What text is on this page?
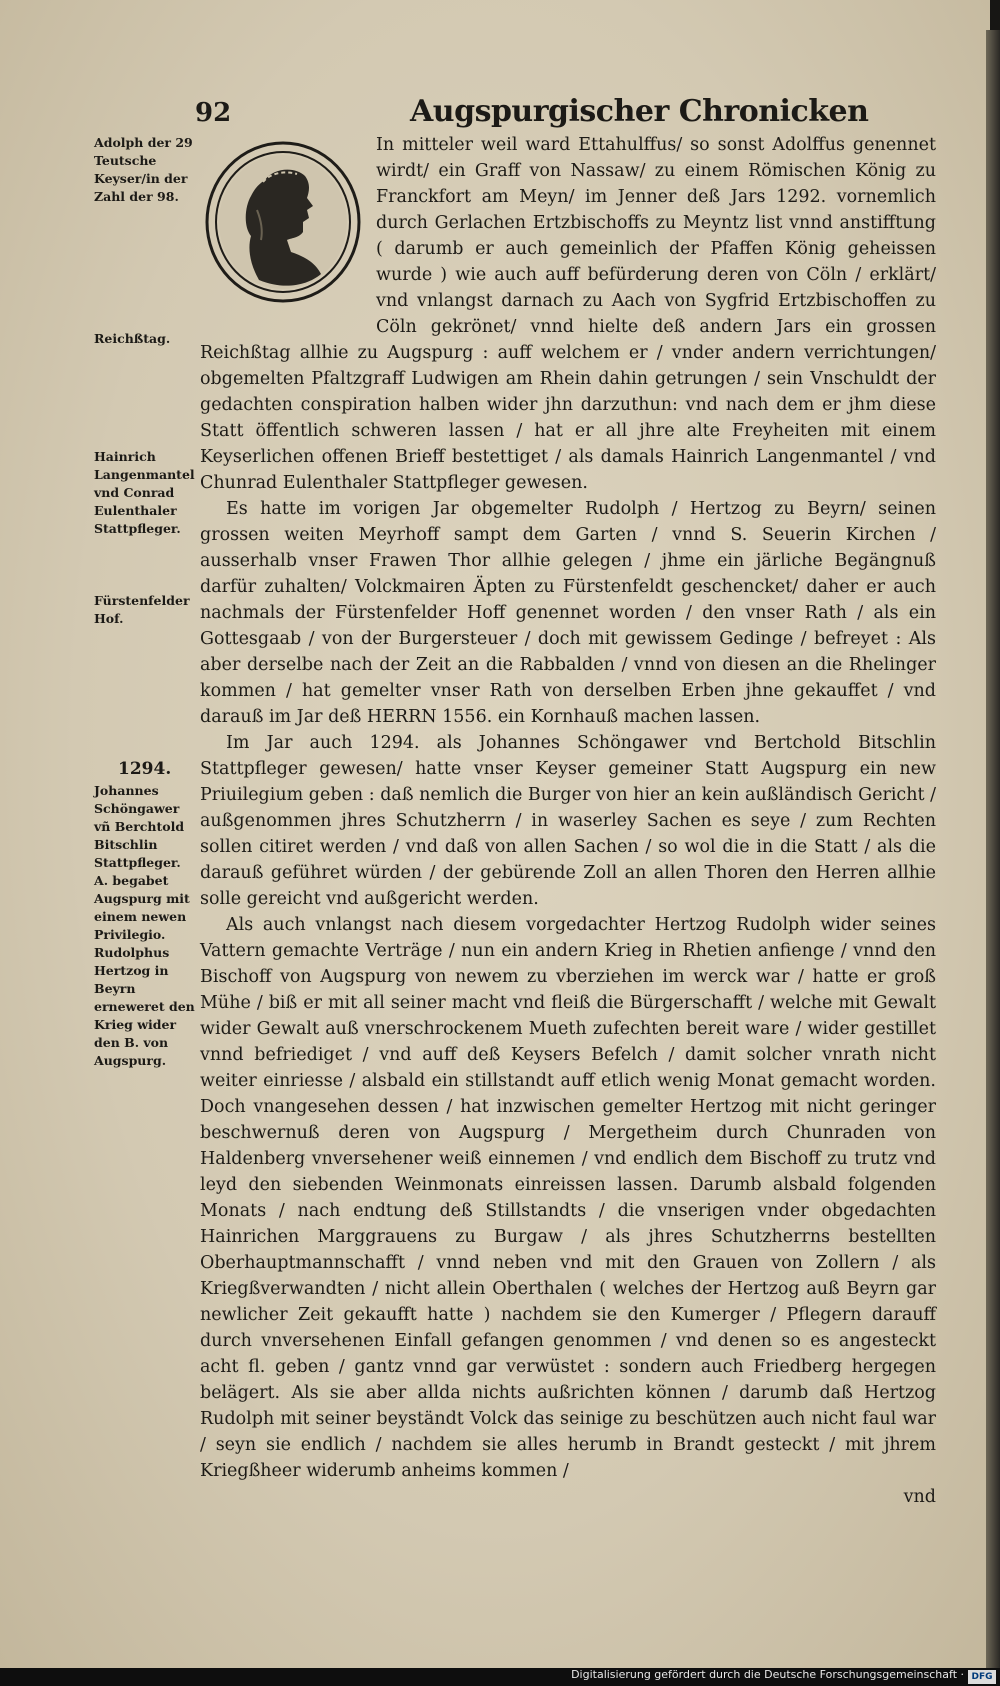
92	Augspurgischer Chronicken
Adolph der 29 Teutsche Keyser/in der Zahl der 98.
Reichßtag.
Hainrich Langenmantel vnd Conrad Eulenthaler Stattpfleger.
Fürstenfelder Hof.
1294.
Johannes Schöngawer vñ Berchtold Bitschlin Stattpfleger. A. begabet Augspurg mit einem newen Privilegio. Rudolphus Hertzog in Beyrn erneweret den Krieg wider den B. von Augspurg.

In mitteler weil ward Ettahulffus/ so sonst Adolffus genennet wirdt/ ein Graff von Nassaw/ zu einem Römischen König zu Franckfort am Meyn/ im Jenner deß Jars 1292. vornemlich durch Gerlachen Ertzbischoffs zu Meyntz list vnnd anstifftung ( darumb er auch gemeinlich der Pfaffen König geheissen wurde ) wie auch auff befürderung deren von Cöln / erklärt/ vnd vnlangst darnach zu Aach von Sygfrid Ertzbischoffen zu Cöln gekrönet/ vnnd hielte deß andern Jars ein grossen Reichßtag allhie zu Augspurg : auff welchem er / vnder andern verrichtungen/ obgemelten Pfaltzgraff Ludwigen am Rhein dahin getrungen / sein Vnschuldt der gedachten conspiration halben wider jhn darzuthun: vnd nach dem er jhm diese Statt öffentlich schweren lassen / hat er all jhre alte Freyheiten mit einem Keyserlichen offenen Brieff bestettiget / als damals Hainrich Langenmantel / vnd Chunrad Eulenthaler Stattpfleger gewesen.

Es hatte im vorigen Jar obgemelter Rudolph / Hertzog zu Beyrn/ seinen grossen weiten Meyrhoff sampt dem Garten / vnnd S. Seuerin Kirchen / ausserhalb vnser Frawen Thor allhie gelegen / jhme ein järliche Begängnuß darfür zuhalten/ Volckmairen Äpten zu Fürstenfeldt geschencket/ daher er auch nachmals der Fürstenfelder Hoff genennet worden / den vnser Rath / als ein Gottesgaab / von der Burgersteuer / doch mit gewissem Gedinge / befreyet : Als aber derselbe nach der Zeit an die Rabbalden / vnnd von diesen an die Rhelinger kommen / hat gemelter vnser Rath von derselben Erben jhne gekauffet / vnd darauß im Jar deß HERRN 1556. ein Kornhauß machen lassen.

Im Jar auch 1294. als Johannes Schöngawer vnd Bertchold Bitschlin Stattpfleger gewesen/ hatte vnser Keyser gemeiner Statt Augspurg ein new Priuilegium geben : daß nemlich die Burger von hier an kein außländisch Gericht / außgenommen jhres Schutzherrn / in waserley Sachen es seye / zum Rechten sollen citiret werden / vnd daß von allen Sachen / so wol die in die Statt / als die darauß geführet würden / der gebürende Zoll an allen Thoren den Herren allhie solle gereicht vnd außgericht werden.

Als auch vnlangst nach diesem vorgedachter Hertzog Rudolph wider seines Vattern gemachte Verträge / nun ein andern Krieg in Rhetien anfienge / vnnd den Bischoff von Augspurg von newem zu vberziehen im werck war / hatte er groß Mühe / biß er mit all seiner macht vnd fleiß die Bürgerschafft / welche mit Gewalt wider Gewalt auß vnerschrockenem Mueth zufechten bereit ware / wider gestillet vnnd befriediget / vnd auff deß Keysers Befelch / damit solcher vnrath nicht weiter einriesse / alsbald ein stillstandt auff etlich wenig Monat gemacht worden. Doch vnangesehen dessen / hat inzwischen gemelter Hertzog mit nicht geringer beschwernuß deren von Augspurg / Mergetheim durch Chunraden von Haldenberg vnversehener weiß einnemen / vnd endlich dem Bischoff zu trutz vnd leyd den siebenden Weinmonats einreissen lassen. Darumb alsbald folgenden Monats / nach endtung deß Stillstandts / die vnserigen vnder obgedachten Hainrichen Marggrauens zu Burgaw / als jhres Schutzherrns bestellten Oberhauptmannschafft / vnnd neben vnd mit den Grauen von Zollern / als Kriegßverwandten / nicht allein Oberthalen ( welches der Hertzog auß Beyrn gar newlicher Zeit gekaufft hatte ) nachdem sie den Kumerger / Pflegern darauff durch vnversehenen Einfall gefangen genommen / vnd denen so es angesteckt acht fl. geben / gantz vnnd gar verwüstet : sondern auch Friedberg hergegen belägert. Als sie aber allda nichts außrichten können / darumb daß Hertzog Rudolph mit seiner beyständt Volck das seinige zu beschützen auch nicht faul war / seyn sie endlich / nachdem sie alles herumb in Brandt gesteckt / mit jhrem Kriegßheer widerumb anheims kommen /

vnd

Digitalisierung gefördert durch die Deutsche Forschungsgemeinschaft · DFG
